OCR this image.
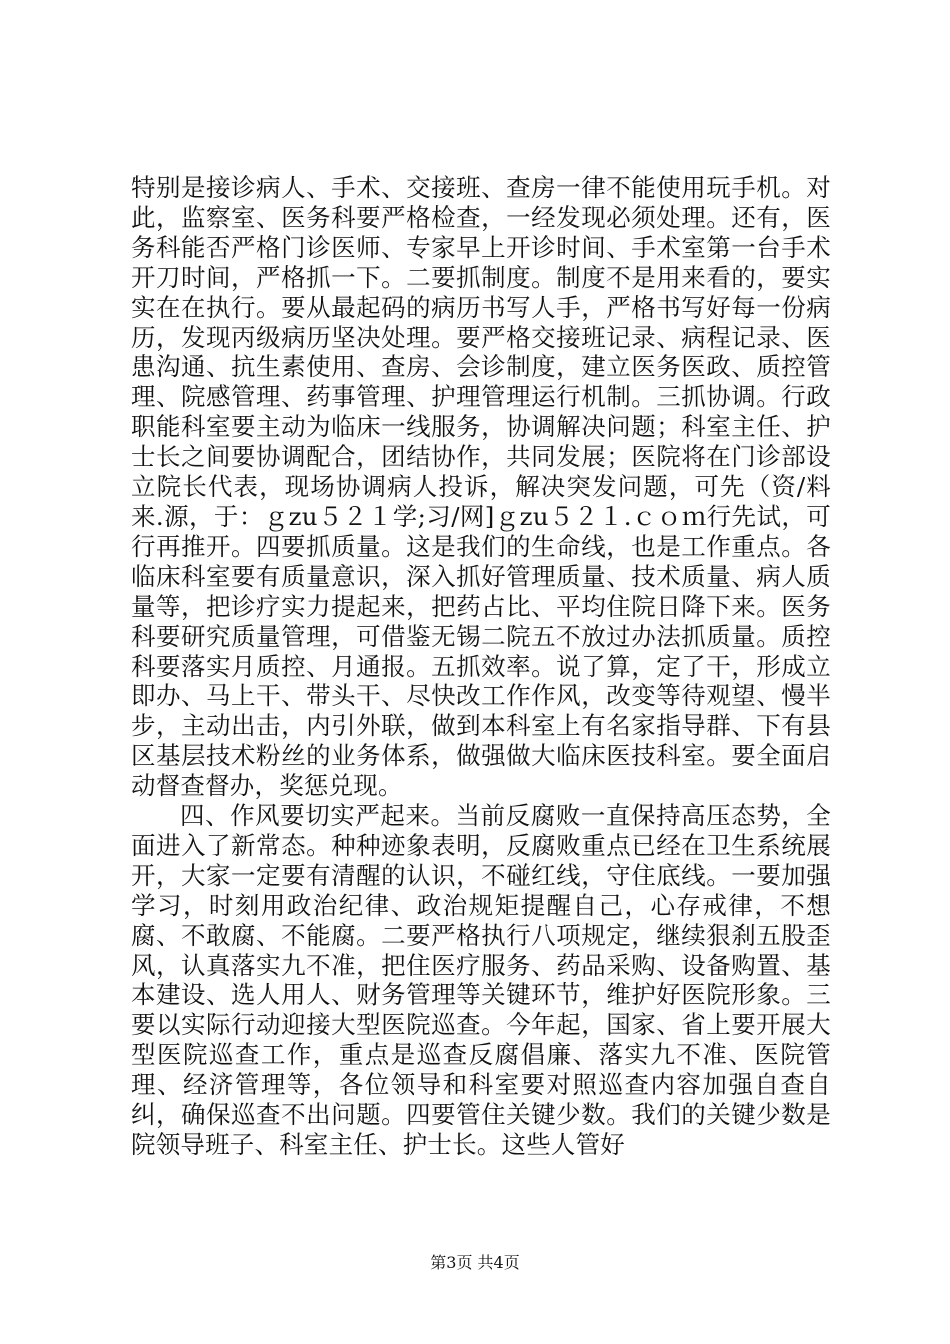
特别是接诊病人、手术、交接班、查房一律不能使用玩手机。对此，监察室、医务科要严格检查，一经发现必须处理。还有，医务科能否严格门诊医师、专家早上开诊时间、手术室第一台手术开刀时间，严格抓一下。二要抓制度。制度不是用来看的，要实实在在执行。要从最起码的病历书写人手，严格书写好每一份病历，发现丙级病历坚决处理。要严格交接班记录、病程记录、医患沟通、抗生素使用、查房、会诊制度，建立医务医政、质控管理、院感管理、药事管理、护理管理运行机制。三抓协调。行政职能科室要主动为临床一线服务，协调解决问题；科室主任、护士长之间要协调配合，团结协作，共同发展；医院将在门诊部设立院长代表，现场协调病人投诉，解决突发问题，可先（资/料来.源，于：ｇzu５２１学;习/网]ｇzu５２１.ｃｏｍ行先试，可行再推开。四要抓质量。这是我们的生命线，也是工作重点。各临床科室要有质量意识，深入抓好管理质量、技术质量、病人质量等，把诊疗实力提起来，把药占比、平均住院日降下来。医务科要研究质量管理，可借鉴无锡二院五不放过办法抓质量。质控科要落实月质控、月通报。五抓效率。说了算，定了干，形成立即办、马上干、带头干、尽快改工作作风，改变等待观望、慢半步，主动出击，内引外联，做到本科室上有名家指导群、下有县区基层技术粉丝的业务体系，做强做大临床医技科室。要全面启动督查督办，奖惩兑现。

四、作风要切实严起来。当前反腐败一直保持高压态势，全面进入了新常态。种种迹象表明，反腐败重点已经在卫生系统展开，大家一定要有清醒的认识，不碰红线，守住底线。一要加强学习，时刻用政治纪律、政治规矩提醒自己，心存戒律，不想腐、不敢腐、不能腐。二要严格执行八项规定，继续狠刹五股歪风，认真落实九不准，把住医疗服务、药品采购、设备购置、基本建设、选人用人、财务管理等关键环节，维护好医院形象。三要以实际行动迎接大型医院巡查。今年起，国家、省上要开展大型医院巡查工作，重点是巡查反腐倡廉、落实九不准、医院管理、经济管理等，各位领导和科室要对照巡查内容加强自查自纠，确保巡查不出问题。四要管住关键少数。我们的关键少数是院领导班子、科室主任、护士长。这些人管好

第3页 共4页
